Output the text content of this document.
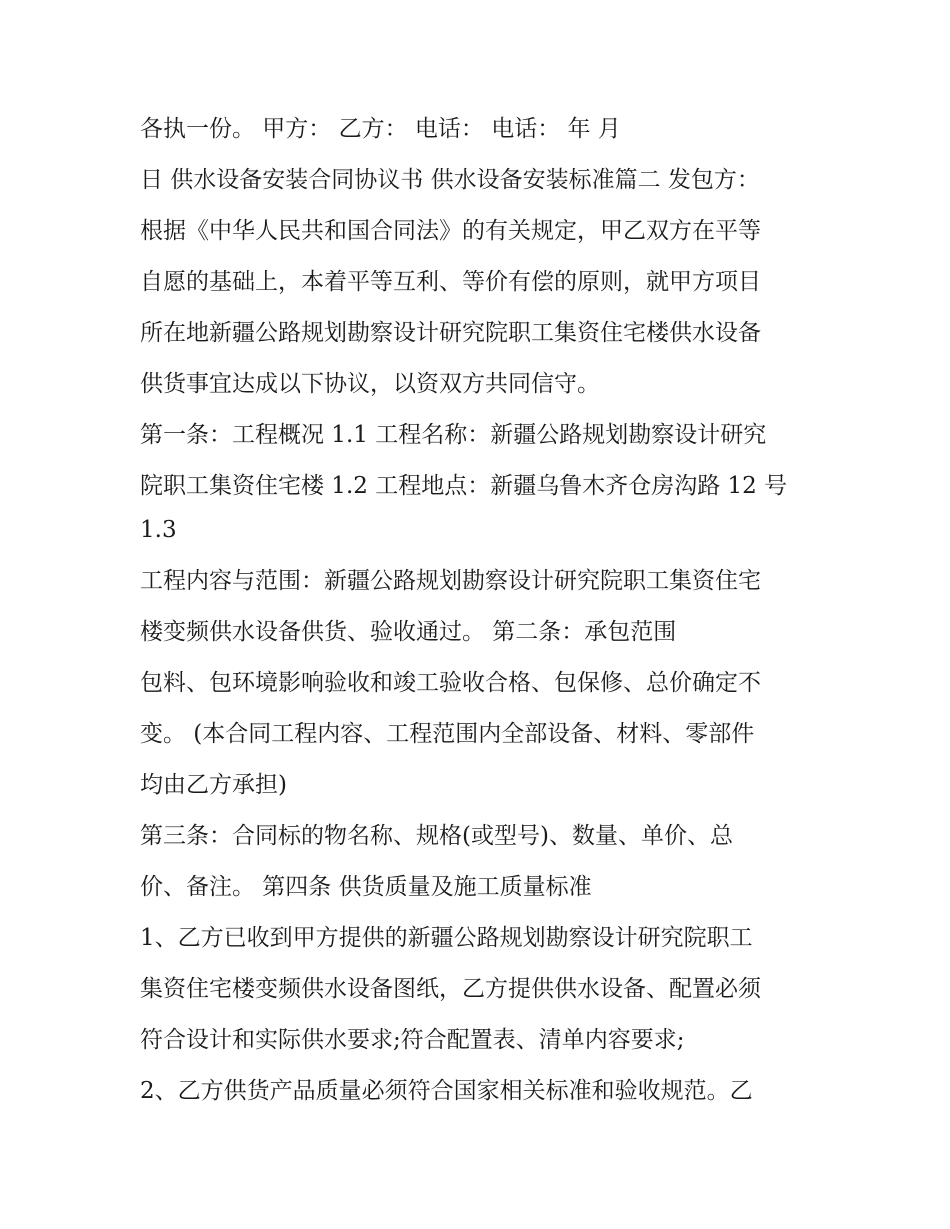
各执一份。 甲方： 乙方： 电话： 电话： 年 月

日 供水设备安装合同协议书 供水设备安装标准篇二 发包方：

根据《中华人民共和国合同法》的有关规定，甲乙双方在平等

自愿的基础上，本着平等互利、等价有偿的原则，就甲方项目

所在地新疆公路规划勘察设计研究院职工集资住宅楼供水设备

供货事宜达成以下协议，以资双方共同信守。

第一条：工程概况 1.1 工程名称：新疆公路规划勘察设计研究

院职工集资住宅楼 1.2 工程地点：新疆乌鲁木齐仓房沟路 12 号

1.3

工程内容与范围：新疆公路规划勘察设计研究院职工集资住宅

楼变频供水设备供货、验收通过。 第二条：承包范围

包料、包环境影响验收和竣工验收合格、包保修、总价确定不

变。 (本合同工程内容、工程范围内全部设备、材料、零部件

均由乙方承担)

第三条：合同标的物名称、规格(或型号)、数量、单价、总

价、备注。 第四条 供货质量及施工质量标准

1、乙方已收到甲方提供的新疆公路规划勘察设计研究院职工

集资住宅楼变频供水设备图纸，乙方提供供水设备、配置必须

符合设计和实际供水要求;符合配置表、清单内容要求;

2、乙方供货产品质量必须符合国家相关标准和验收规范。乙
